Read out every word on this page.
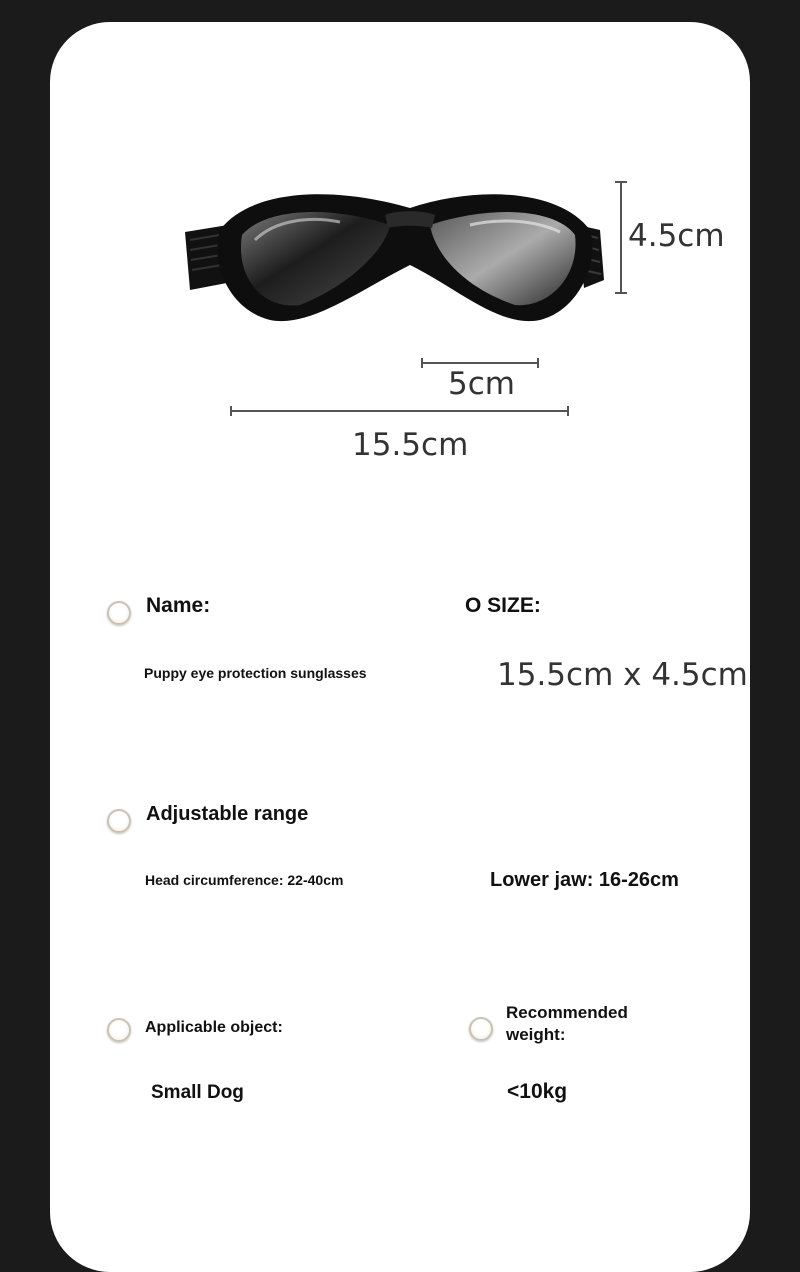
4.5cm
5cm
15.5cm
Name:
Puppy eye protection sunglasses
O SIZE:
15.5cm x 4.5cm
Adjustable range
Head circumference: 22-40cm	Lower jaw: 16-26cm
Applicable object:
Small Dog
Recommended weight:
<10kg
